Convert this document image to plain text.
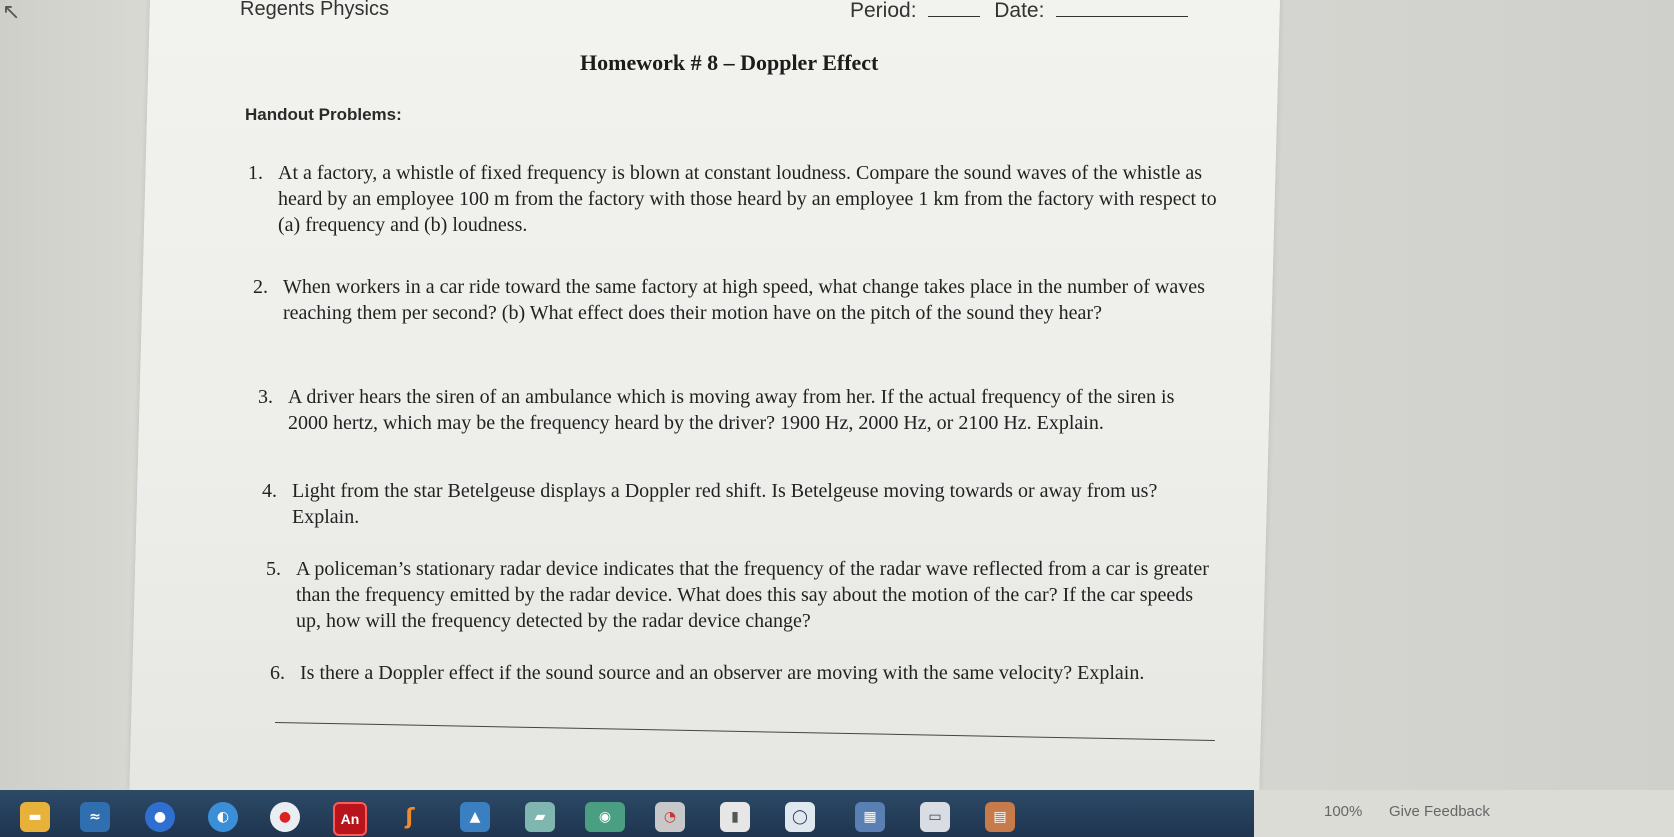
↖	Regents Physics	Period:	Date:
Homework # 8 – Doppler Effect
Handout Problems:
1. At a factory, a whistle of fixed frequency is blown at constant loudness. Compare the sound waves of the whistle as heard by an employee 100 m from the factory with those heard by an employee 1 km from the factory with respect to (a) frequency and (b) loudness.
2. When workers in a car ride toward the same factory at high speed, what change takes place in the number of waves reaching them per second? (b) What effect does their motion have on the pitch of the sound they hear?
3. A driver hears the siren of an ambulance which is moving away from her. If the actual frequency of the siren is 2000 hertz, which may be the frequency heard by the driver? 1900 Hz, 2000 Hz, or 2100 Hz. Explain.
4. Light from the star Betelgeuse displays a Doppler red shift. Is Betelgeuse moving towards or away from us? Explain.
5. A policeman’s stationary radar device indicates that the frequency of the radar wave reflected from a car is greater than the frequency emitted by the radar device. What does this say about the motion of the car? If the car speeds up, how will the frequency detected by the radar device change?
6. Is there a Doppler effect if the sound source and an observer are moving with the same velocity? Explain.
▬	≈	●	◐	●	An	ʃ	▲	▰	◉	◔	▮	◯	▦	▭	▤	100% Give Feedback
